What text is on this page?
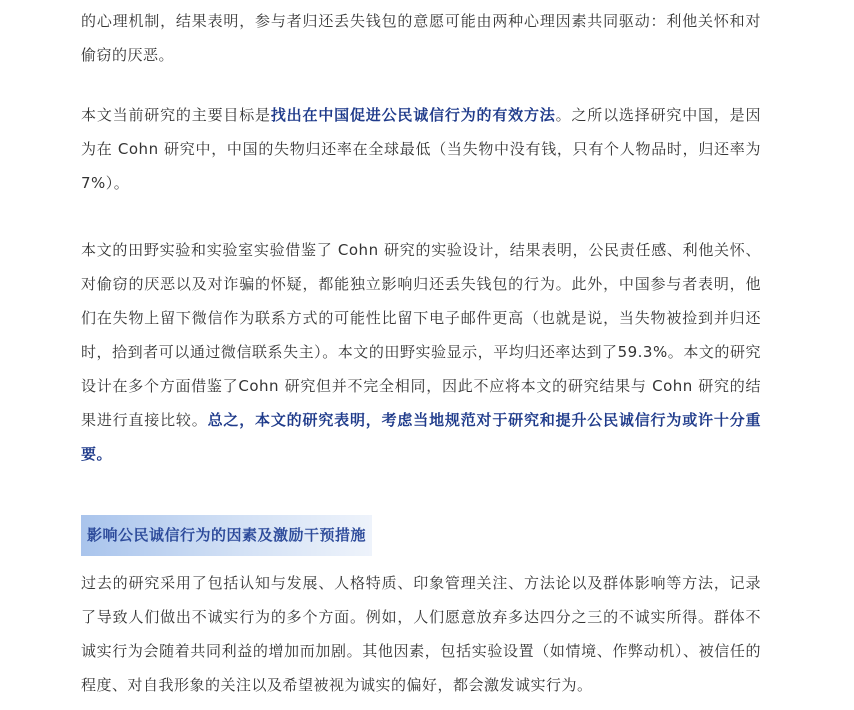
的心理机制，结果表明，参与者归还丢失钱包的意愿可能由两种心理因素共同驱动：利他关怀和对偷窃的厌恶。

本文当前研究的主要目标是找出在中国促进公民诚信行为的有效方法。之所以选择研究中国，是因为在 Cohn 研究中，中国的失物归还率在全球最低（当失物中没有钱，只有个人物品时，归还率为 7%）。

本文的田野实验和实验室实验借鉴了 Cohn 研究的实验设计，结果表明，公民责任感、利他关怀、对偷窃的厌恶以及对诈骗的怀疑，都能独立影响归还丢失钱包的行为。此外，中国参与者表明，他们在失物上留下微信作为联系方式的可能性比留下电子邮件更高（也就是说，当失物被捡到并归还时，拾到者可以通过微信联系失主）。本文的田野实验显示，平均归还率达到了59.3%。本文的研究设计在多个方面借鉴了Cohn 研究但并不完全相同，因此不应将本文的研究结果与 Cohn 研究的结果进行直接比较。总之，本文的研究表明，考虑当地规范对于研究和提升公民诚信行为或许十分重要。

影响公民诚信行为的因素及激励干预措施

过去的研究采用了包括认知与发展、人格特质、印象管理关注、方法论以及群体影响等方法，记录了导致人们做出不诚实行为的多个方面。例如，人们愿意放弃多达四分之三的不诚实所得。群体不诚实行为会随着共同利益的增加而加剧。其他因素，包括实验设置（如情境、作弊动机）、被信任的程度、对自我形象的关注以及希望被视为诚实的偏好，都会激发诚实行为。
